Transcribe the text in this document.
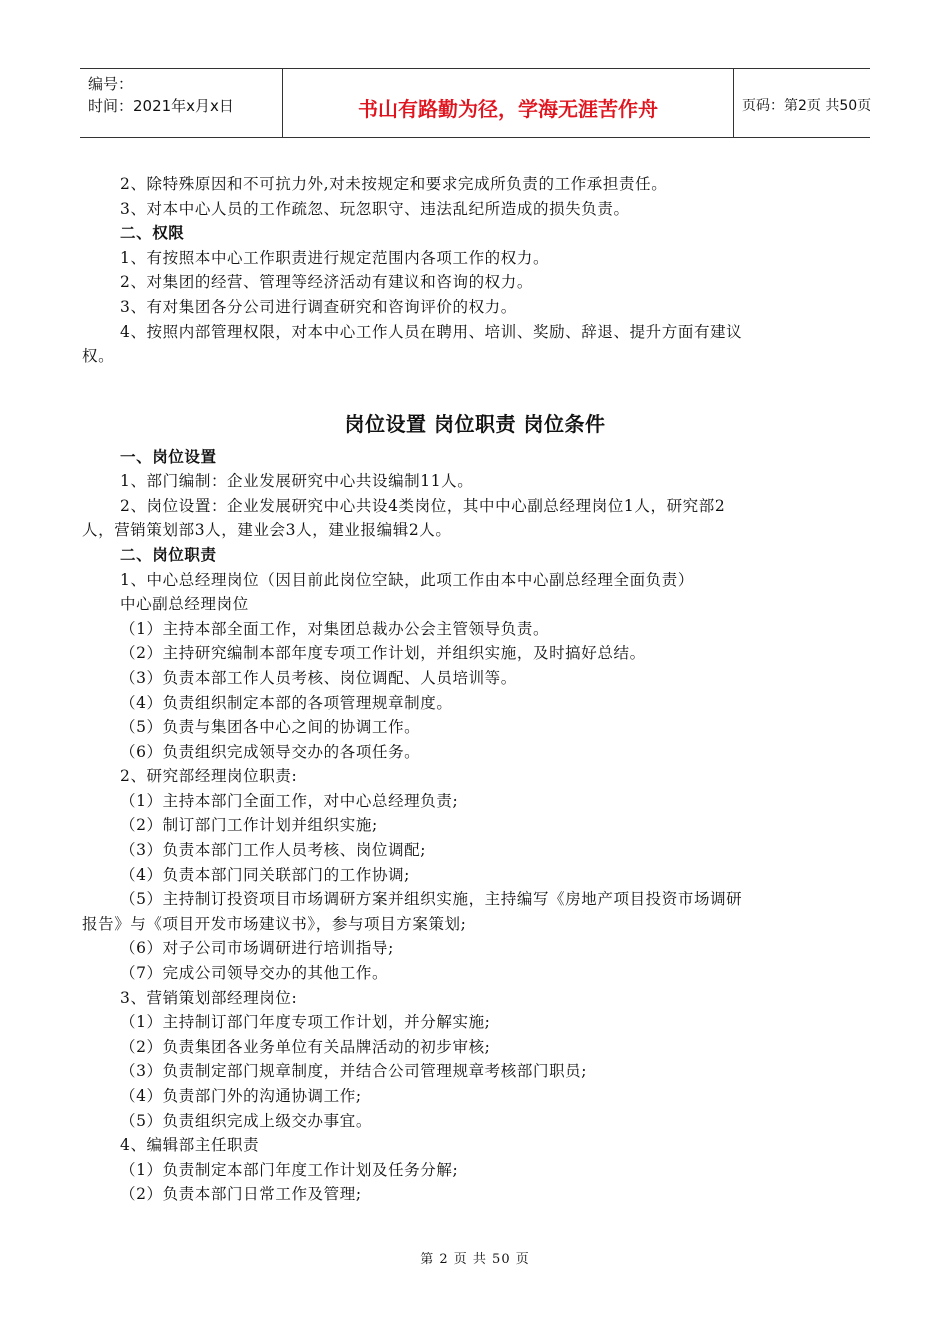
编号：
时间：2021年x月x日	书山有路勤为径，学海无涯苦作舟	页码：第2页 共50页
2、除特殊原因和不可抗力外,对未按规定和要求完成所负责的工作承担责任。
3、对本中心人员的工作疏忽、玩忽职守、违法乱纪所造成的损失负责。
二、权限
1、有按照本中心工作职责进行规定范围内各项工作的权力。
2、对集团的经营、管理等经济活动有建议和咨询的权力。
3、有对集团各分公司进行调查研究和咨询评价的权力。
4、按照内部管理权限，对本中心工作人员在聘用、培训、奖励、辞退、提升方面有建议
权。
岗位设置 岗位职责 岗位条件
一、岗位设置
1、部门编制：企业发展研究中心共设编制11人。
2、岗位设置：企业发展研究中心共设4类岗位，其中中心副总经理岗位1人，研究部2
人，营销策划部3人，建业会3人，建业报编辑2人。
二、岗位职责
1、中心总经理岗位（因目前此岗位空缺，此项工作由本中心副总经理全面负责）
中心副总经理岗位
（1）主持本部全面工作，对集团总裁办公会主管领导负责。
（2）主持研究编制本部年度专项工作计划，并组织实施，及时搞好总结。
（3）负责本部工作人员考核、岗位调配、人员培训等。
（4）负责组织制定本部的各项管理规章制度。
（5）负责与集团各中心之间的协调工作。
（6）负责组织完成领导交办的各项任务。
2、研究部经理岗位职责:
（1）主持本部门全面工作，对中心总经理负责;
（2）制订部门工作计划并组织实施;
（3）负责本部门工作人员考核、岗位调配;
（4）负责本部门同关联部门的工作协调;
（5）主持制订投资项目市场调研方案并组织实施，主持编写《房地产项目投资市场调研
报告》与《项目开发市场建议书》，参与项目方案策划;
（6）对子公司市场调研进行培训指导;
（7）完成公司领导交办的其他工作。
3、营销策划部经理岗位:
（1）主持制订部门年度专项工作计划，并分解实施;
（2）负责集团各业务单位有关品牌活动的初步审核;
（3）负责制定部门规章制度，并结合公司管理规章考核部门职员;
（4）负责部门外的沟通协调工作;
（5）负责组织完成上级交办事宜。
4、编辑部主任职责
（1）负责制定本部门年度工作计划及任务分解;
（2）负责本部门日常工作及管理;
第 2 页 共 50 页
